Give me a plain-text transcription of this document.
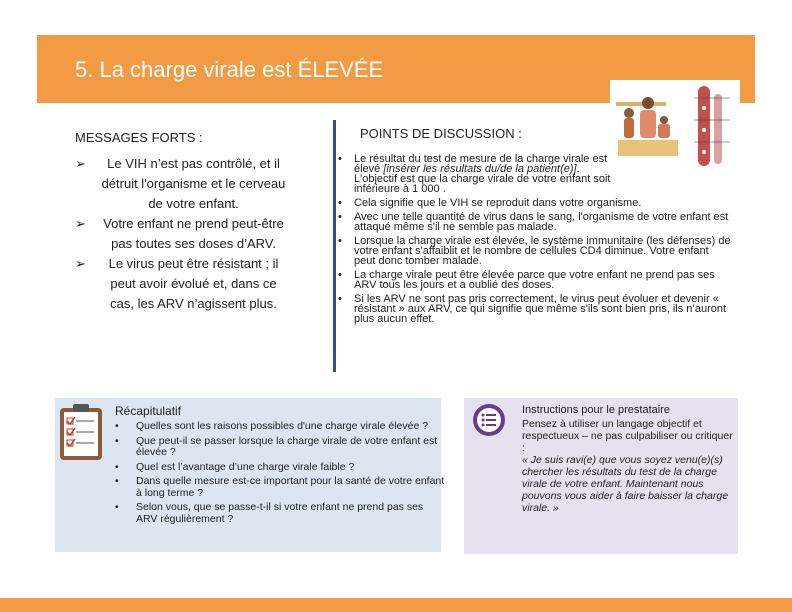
5. La charge virale est ÉLEVÉE
MESSAGES FORTS :
➢ Le VIH n’est pas contrôlé, et il détruit l'organisme et le cerveau de votre enfant.
➢ Votre enfant ne prend peut-être pas toutes ses doses d’ARV.
➢ Le virus peut être résistant ; il peut avoir évolué et, dans ce cas, les ARV n’agissent plus.
POINTS DE DISCUSSION :
• Le résultat du test de mesure de la charge virale est élevé [insérer les résultats du/de la patient(e)]. L'objectif est que la charge virale de votre enfant soit inférieure à 1 000 .
• Cela signifie que le VIH se reproduit dans votre organisme.
• Avec une telle quantité de virus dans le sang, l'organisme de votre enfant est attaqué même s'il ne semble pas malade.
• Lorsque la charge virale est élevée, le système immunitaire (les défenses) de votre enfant s'affaiblit et le nombre de cellules CD4 diminue. Votre enfant peut donc tomber malade.
• La charge virale peut être élevée parce que votre enfant ne prend pas ses ARV tous les jours et a oublié des doses.
• Si les ARV ne sont pas pris correctement, le virus peut évoluer et devenir « résistant » aux ARV, ce qui signifie que même s'ils sont bien pris, ils n’auront plus aucun effet.
Récapitulatif
• Quelles sont les raisons possibles d'une charge virale élevée ?
• Que peut-il se passer lorsque la charge virale de votre enfant est élevée ?
• Quel est l’avantage d’une charge virale faible ?
• Dans quelle mesure est-ce important pour la santé de votre enfant à long terme ?
• Selon vous, que se passe-t-il si votre enfant ne prend pas ses ARV régulièrement ?
Instructions pour le prestataire
Pensez à utiliser un langage objectif et respectueux – ne pas culpabiliser ou critiquer :
« Je suis ravi(e) que vous soyez venu(e)(s) chercher les résultats du test de la charge virale de votre enfant. Maintenant nous pouvons vous aider à faire baisser la charge virale. »
